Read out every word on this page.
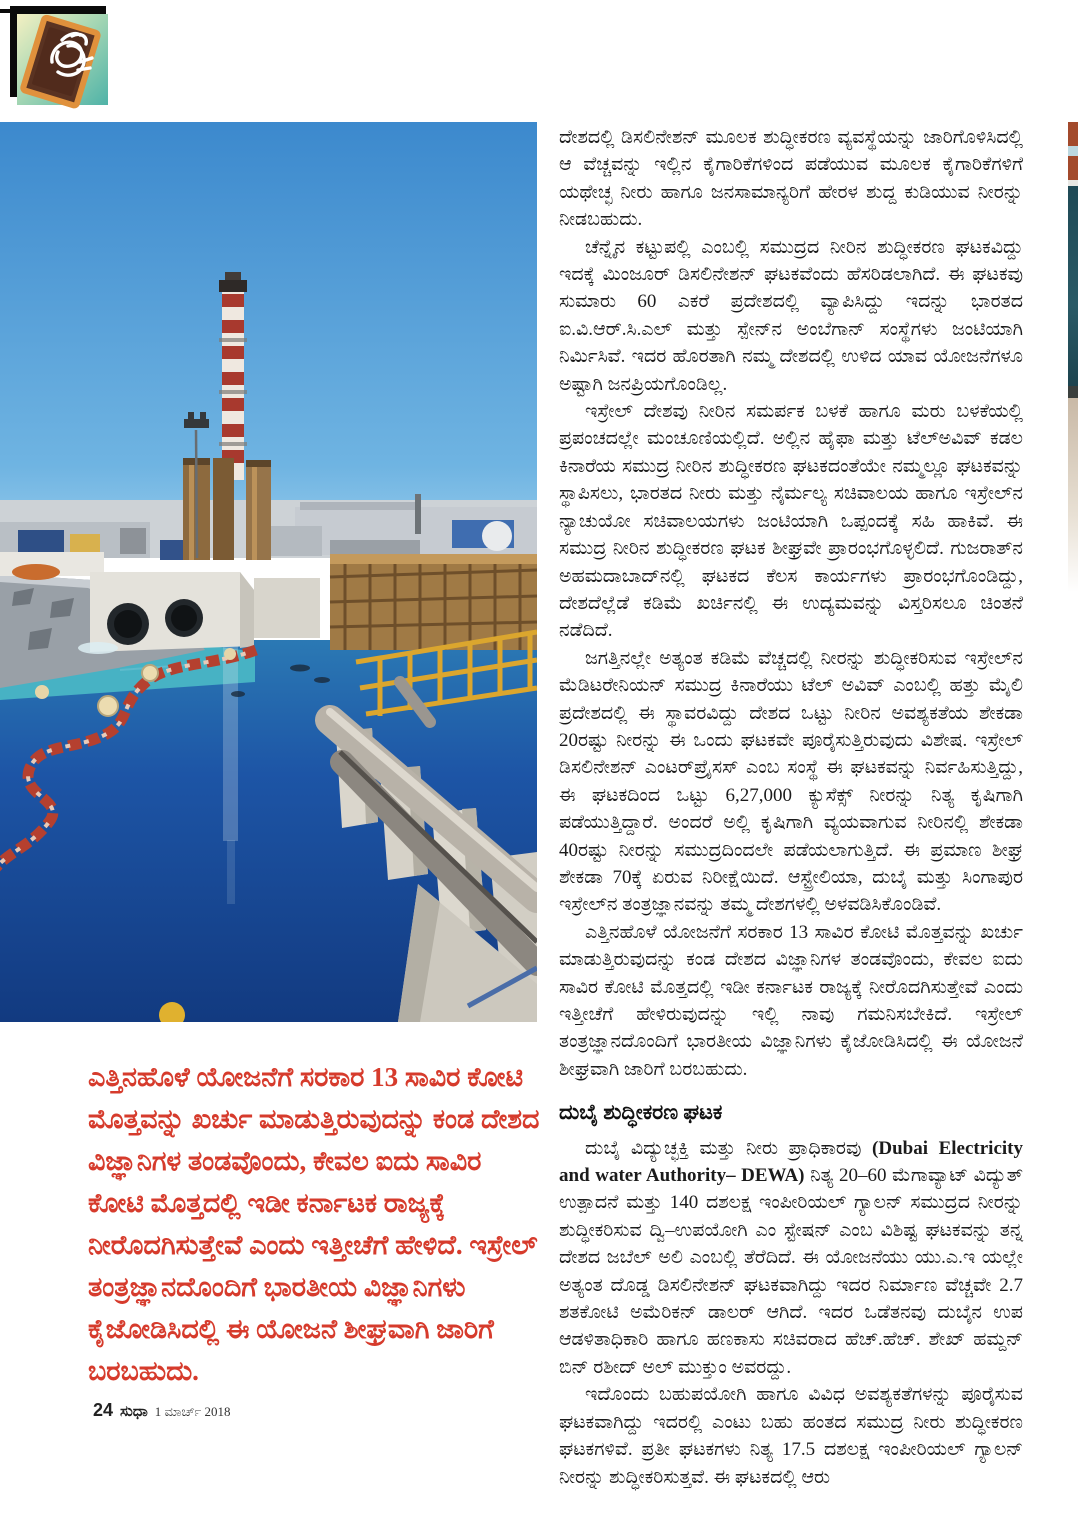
ದೇಶದಲ್ಲಿ ಡಿಸಲಿನೇಶನ್ ಮೂಲಕ ಶುದ್ಧೀಕರಣ ವ್ಯವಸ್ಥೆಯನ್ನು ಜಾರಿಗೊಳಿಸಿದಲ್ಲಿ ಆ ವೆಚ್ಚವನ್ನು ಇಲ್ಲಿನ ಕೈಗಾರಿಕೆಗಳಿಂದ ಪಡೆಯುವ ಮೂಲಕ ಕೈಗಾರಿಕೆಗಳಿಗೆ ಯಥೇಚ್ಛ ನೀರು ಹಾಗೂ ಜನಸಾಮಾನ್ಯರಿಗೆ ಹೇರಳ ಶುದ್ದ ಕುಡಿಯುವ ನೀರನ್ನು ನೀಡಬಹುದು.

ಚೆನ್ನೈನ ಕಟ್ಟುಪಲ್ಲಿ ಎಂಬಲ್ಲಿ ಸಮುದ್ರದ ನೀರಿನ ಶುದ್ಧೀಕರಣ ಘಟಕವಿದ್ದು ಇದಕ್ಕೆ ಮಿಂಜೂರ್ ಡಿಸಲಿನೇಶನ್ ಘಟಕವೆಂದು ಹೆಸರಿಡಲಾಗಿದೆ. ಈ ಘಟಕವು ಸುಮಾರು 60 ಎಕರೆ ಪ್ರದೇಶದಲ್ಲಿ ವ್ಯಾಪಿಸಿದ್ದು ಇದನ್ನು ಭಾರತದ ಐ.ವಿ.ಆರ್.ಸಿ.ಎಲ್ ಮತ್ತು ಸ್ಪೇನ್‌ನ ಅಂಬೆಗಾನ್ ಸಂಸ್ಥೆಗಳು ಜಂಟಿಯಾಗಿ ನಿರ್ಮಿಸಿವೆ. ಇದರ ಹೊರತಾಗಿ ನಮ್ಮ ದೇಶದಲ್ಲಿ ಉಳಿದ ಯಾವ ಯೋಜನೆಗಳೂ ಅಷ್ಟಾಗಿ ಜನಪ್ರಿಯಗೊಂಡಿಲ್ಲ.

ಇಸ್ರೇಲ್ ದೇಶವು ನೀರಿನ ಸಮರ್ಪಕ ಬಳಕೆ ಹಾಗೂ ಮರು ಬಳಕೆಯಲ್ಲಿ ಪ್ರಪಂಚದಲ್ಲೇ ಮಂಚೂಣಿಯಲ್ಲಿದೆ. ಅಲ್ಲಿನ ಹೈಫಾ ಮತ್ತು ಟೆಲ್‌ಅವಿವ್ ಕಡಲ ಕಿನಾರೆಯ ಸಮುದ್ರ ನೀರಿನ ಶುದ್ಧೀಕರಣ ಘಟಕದಂತೆಯೇ ನಮ್ಮಲ್ಲೂ ಘಟಕವನ್ನು ಸ್ಥಾಪಿಸಲು, ಭಾರತದ ನೀರು ಮತ್ತು ನೈರ್ಮಲ್ಯ ಸಚಿವಾಲಯ ಹಾಗೂ ಇಸ್ರೇಲ್‌ನ ನ್ಯಾಚುಯೋ ಸಚಿವಾಲಯಗಳು ಜಂಟಿಯಾಗಿ ಒಪ್ಪಂದಕ್ಕೆ ಸಹಿ ಹಾಕಿವೆ. ಈ ಸಮುದ್ರ ನೀರಿನ ಶುದ್ಧೀಕರಣ ಘಟಕ ಶೀಘ್ರವೇ ಪ್ರಾರಂಭಗೊಳ್ಳಲಿದೆ. ಗುಜರಾತ್‌ನ ಅಹಮದಾಬಾದ್‌ನಲ್ಲಿ ಘಟಕದ ಕೆಲಸ ಕಾರ್ಯಗಳು ಪ್ರಾರಂಭಗೊಂಡಿದ್ದು, ದೇಶದೆಲ್ಲೆಡೆ ಕಡಿಮೆ ಖರ್ಚಿನಲ್ಲಿ ಈ ಉದ್ಯಮವನ್ನು ವಿಸ್ತರಿಸಲೂ ಚಿಂತನೆ ನಡೆದಿದೆ.

ಜಗತ್ತಿನಲ್ಲೇ ಅತ್ಯಂತ ಕಡಿಮೆ ವೆಚ್ಚದಲ್ಲಿ ನೀರನ್ನು ಶುದ್ಧೀಕರಿಸುವ ಇಸ್ರೇಲ್‌ನ ಮೆಡಿಟರೇನಿಯನ್ ಸಮುದ್ರ ಕಿನಾರೆಯು ಟೆಲ್ ಅವಿವ್ ಎಂಬಲ್ಲಿ ಹತ್ತು ಮೈಲಿ ಪ್ರದೇಶದಲ್ಲಿ ಈ ಸ್ಥಾವರವಿದ್ದು ದೇಶದ ಒಟ್ಟು ನೀರಿನ ಅವಶ್ಯಕತೆಯ ಶೇಕಡಾ 20ರಷ್ಟು ನೀರನ್ನು ಈ ಒಂದು ಘಟಕವೇ ಪೂರೈಸುತ್ತಿರುವುದು ವಿಶೇಷ. ಇಸ್ರೇಲ್ ಡಿಸಲಿನೇಶನ್ ಎಂಟರ್‌ಪ್ರೈಸಸ್ ಎಂಬ ಸಂಸ್ಥೆ ಈ ಘಟಕವನ್ನು ನಿರ್ವಹಿಸುತ್ತಿದ್ದು, ಈ ಘಟಕದಿಂದ ಒಟ್ಟು 6,27,000 ಕ್ಯುಸೆಕ್ಸ್ ನೀರನ್ನು ನಿತ್ಯ ಕೃಷಿಗಾಗಿ ಪಡೆಯುತ್ತಿದ್ದಾರೆ. ಅಂದರೆ ಅಲ್ಲಿ ಕೃಷಿಗಾಗಿ ವ್ಯಯವಾಗುವ ನೀರಿನಲ್ಲಿ ಶೇಕಡಾ 40ರಷ್ಟು ನೀರನ್ನು ಸಮುದ್ರದಿಂದಲೇ ಪಡೆಯಲಾಗುತ್ತಿದೆ. ಈ ಪ್ರಮಾಣ ಶೀಘ್ರ ಶೇಕಡಾ 70ಕ್ಕೆ ಏರುವ ನಿರೀಕ್ಷೆಯಿದೆ. ಆಸ್ಟ್ರೇಲಿಯಾ, ದುಬೈ ಮತ್ತು ಸಿಂಗಾಪುರ ಇಸ್ರೇಲ್‌ನ ತಂತ್ರಜ್ಞಾನವನ್ನು ತಮ್ಮ ದೇಶಗಳಲ್ಲಿ ಅಳವಡಿಸಿಕೊಂಡಿವೆ.

ಎತ್ತಿನಹೊಳೆ ಯೋಜನೆಗೆ ಸರಕಾರ 13 ಸಾವಿರ ಕೋಟಿ ಮೊತ್ತವನ್ನು ಖರ್ಚು ಮಾಡುತ್ತಿರುವುದನ್ನು ಕಂಡ ದೇಶದ ವಿಜ್ಞಾನಿಗಳ ತಂಡವೊಂದು, ಕೇವಲ ಐದು ಸಾವಿರ ಕೋಟಿ ಮೊತ್ತದಲ್ಲಿ ಇಡೀ ಕರ್ನಾಟಕ ರಾಜ್ಯಕ್ಕೆ ನೀರೊದಗಿಸುತ್ತೇವೆ ಎಂದು ಇತ್ತೀಚೆಗೆ ಹೇಳಿರುವುದನ್ನು ಇಲ್ಲಿ ನಾವು ಗಮನಿಸಬೇಕಿದೆ. ಇಸ್ರೇಲ್ ತಂತ್ರಜ್ಞಾನದೊಂದಿಗೆ ಭಾರತೀಯ ವಿಜ್ಞಾನಿಗಳು ಕೈಜೋಡಿಸಿದಲ್ಲಿ ಈ ಯೋಜನೆ ಶೀಘ್ರವಾಗಿ ಜಾರಿಗೆ ಬರಬಹುದು.

ದುಬೈ ಶುದ್ಧೀಕರಣ ಘಟಕ

ದುಬೈ ವಿದ್ಯುಚ್ಛಕ್ತಿ ಮತ್ತು ನೀರು ಪ್ರಾಧಿಕಾರವು (Dubai Electricity and water Authority– DEWA) ನಿತ್ಯ 20–60 ಮೆಗಾವ್ಯಾಟ್ ವಿದ್ಯುತ್ ಉತ್ಪಾದನೆ ಮತ್ತು 140 ದಶಲಕ್ಷ ಇಂಪೀರಿಯಲ್ ಗ್ಯಾಲನ್ ಸಮುದ್ರದ ನೀರನ್ನು ಶುದ್ಧೀಕರಿಸುವ ದ್ವಿ–ಉಪಯೋಗಿ ಎಂ ಸ್ಟೇಷನ್ ಎಂಬ ವಿಶಿಷ್ಟ ಘಟಕವನ್ನು ತನ್ನ ದೇಶದ ಜಬೆಲ್ ಅಲಿ ಎಂಬಲ್ಲಿ ತೆರೆದಿದೆ. ಈ ಯೋಜನೆಯು ಯು.ಎ.ಇ ಯಲ್ಲೇ ಅತ್ಯಂತ ದೊಡ್ಡ ಡಿಸಲಿನೇಶನ್ ಘಟಕವಾಗಿದ್ದು ಇದರ ನಿರ್ಮಾಣ ವೆಚ್ಚವೇ 2.7 ಶತಕೋಟಿ ಅಮೆರಿಕನ್ ಡಾಲರ್ ಆಗಿದೆ. ಇದರ ಒಡೆತನವು ದುಬೈನ ಉಪ ಆಡಳಿತಾಧಿಕಾರಿ ಹಾಗೂ ಹಣಕಾಸು ಸಚಿವರಾದ ಹೆಚ್.ಹೆಚ್. ಶೇಖ್ ಹಮ್ದನ್ ಬಿನ್ ರಶೀದ್ ಅಲ್ ಮುಕ್ತುಂ ಅವರದ್ದು.

ಇದೊಂದು ಬಹುಪಯೋಗಿ ಹಾಗೂ ವಿವಿಧ ಅವಶ್ಯಕತೆಗಳನ್ನು ಪೂರೈಸುವ ಘಟಕವಾಗಿದ್ದು ಇದರಲ್ಲಿ ಎಂಟು ಬಹು ಹಂತದ ಸಮುದ್ರ ನೀರು ಶುದ್ಧೀಕರಣ ಘಟಕಗಳಿವೆ. ಪ್ರತೀ ಘಟಕಗಳು ನಿತ್ಯ 17.5 ದಶಲಕ್ಷ ಇಂಪೀರಿಯಲ್ ಗ್ಯಾಲನ್ ನೀರನ್ನು ಶುದ್ಧೀಕರಿಸುತ್ತವೆ. ಈ ಘಟಕದಲ್ಲಿ ಆರು

ಎತ್ತಿನಹೊಳೆ ಯೋಜನೆಗೆ ಸರಕಾರ 13 ಸಾವಿರ ಕೋಟಿ ಮೊತ್ತವನ್ನು ಖರ್ಚು ಮಾಡುತ್ತಿರುವುದನ್ನು ಕಂಡ ದೇಶದ ವಿಜ್ಞಾನಿಗಳ ತಂಡವೊಂದು, ಕೇವಲ ಐದು ಸಾವಿರ ಕೋಟಿ ಮೊತ್ತದಲ್ಲಿ ಇಡೀ ಕರ್ನಾಟಕ ರಾಜ್ಯಕ್ಕೆ ನೀರೊದಗಿಸುತ್ತೇವೆ ಎಂದು ಇತ್ತೀಚೆಗೆ ಹೇಳಿದೆ. ಇಸ್ರೇಲ್ ತಂತ್ರಜ್ಞಾನದೊಂದಿಗೆ ಭಾರತೀಯ ವಿಜ್ಞಾನಿಗಳು ಕೈಜೋಡಿಸಿದಲ್ಲಿ ಈ ಯೋಜನೆ ಶೀಘ್ರವಾಗಿ ಜಾರಿಗೆ ಬರಬಹುದು.
24 ಸುಧಾ 1 ಮಾರ್ಚ್ 2018
